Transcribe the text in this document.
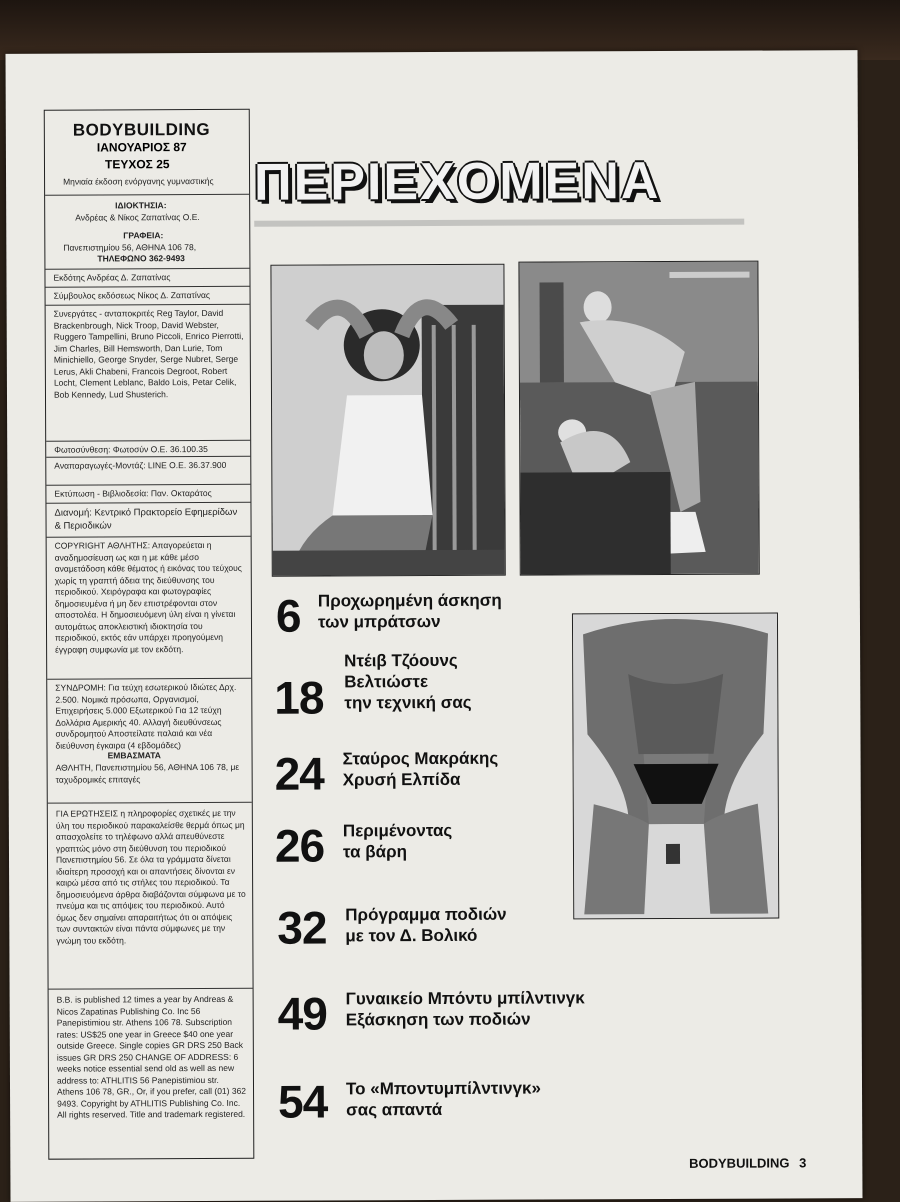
BODYBUILDING
ΙΑΝΟΥΑΡΙΟΣ 87
ΤΕΥΧΟΣ 25
Μηνιαία έκδοση ενόργανης γυμναστικής
ΙΔΙΟΚΤΗΣΙΑ:
Ανδρέας & Νίκος Ζαπατίνας Ο.Ε.
ΓΡΑΦΕΙΑ:
Πανεπιστημίου 56, ΑΘΗΝΑ 106 78,
ΤΗΛΕΦΩΝΟ 362-9493
Εκδότης Ανδρέας Δ. Ζαπατίνας
Σύμβουλος εκδόσεως Νίκος Δ. Ζαπατίνας
Συνεργάτες - ανταποκριτές Reg Taylor, David Brackenbrough, Nick Troop, David Webster, Ruggero Tampellini, Bruno Piccoli, Enrico Pierrotti, Jim Charles, Bill Hemsworth, Dan Lurie, Tom Minichiello, George Snyder, Serge Nubret, Serge Lerus, Akli Chabeni, Francois Degroot, Robert Locht, Clement Leblanc, Baldo Lois, Petar Celik, Bob Kennedy, Lud Shusterich.
Φωτοσύνθεση: Φωτοσύν Ο.Ε. 36.100.35
Αναπαραγωγές-Μοντάζ: LINE Ο.Ε. 36.37.900
Εκτύπωση - Βιβλιοδεσία: Παν. Οκταράτος
Διανομή: Κεντρικό Πρακτορείο Εφημερίδων & Περιοδικών
COPYRIGHT ΑΘΛΗΤΗΣ: Απαγορεύεται η αναδημοσίευση ως και η με κάθε μέσο αναμετάδοση κάθε θέματος ή εικόνας του τεύχους χωρίς τη γραπτή άδεια της διεύθυνσης του περιοδικού. Χειρόγραφα και φωτογραφίες δημοσιευμένα ή μη δεν επιστρέφονται στον αποστολέα. Η δημοσιευόμενη ύλη είναι η γίνεται αυτομάτως αποκλειστική ιδιοκτησία του περιοδικού, εκτός εάν υπάρχει προηγούμενη έγγραφη συμφωνία με τον εκδότη.
ΣΥΝΔΡΟΜΗ: Για τεύχη εσωτερικού Ιδιώτες Δρχ. 2.500. Νομικά πρόσωπα, Οργανισμοί, Επιχειρήσεις 5.000 Εξωτερικού Για 12 τεύχη Δολλάρια Αμερικής 40. Αλλαγή διευθύνσεως συνδρομητού Αποστείλατε παλαιά και νέα διεύθυνση έγκαιρα (4 εβδομάδες)
ΕΜΒΑΣΜΑΤΑ
ΑΘΛΗΤΗ, Πανεπιστημίου 56, ΑΘΗΝΑ 106 78, με ταχυδρομικές επιταγές
ΓΙΑ ΕΡΩΤΗΣΕΙΣ η πληροφορίες σχετικές με την ύλη του περιοδικού παρακαλείσθε θερμά όπως μη απασχολείτε το τηλέφωνο αλλά απευθύνεστε γραπτώς μόνο στη διεύθυνση του περιοδικού Πανεπιστημίου 56. Σε όλα τα γράμματα δίνεται ιδιαίτερη προσοχή και οι απαντήσεις δίνονται εν καιρώ μέσα από τις στήλες του περιοδικού. Τα δημοσιευόμενα άρθρα διαβάζονται σύμφωνα με το πνεύμα και τις απόψεις του περιοδικού. Αυτό όμως δεν σημαίνει απαραιτήτως ότι οι απόψεις των συντακτών είναι πάντα σύμφωνες με την γνώμη του εκδότη.
B.B. is published 12 times a year by Andreas & Nicos Zapatinas Publishing Co. Inc 56 Panepistimiou str. Athens 106 78. Subscription rates: US$25 one year in Greece $40 one year outside Greece. Single copies GR DRS 250 Back issues GR DRS 250 CHANGE OF ADDRESS: 6 weeks notice essential send old as well as new address to: ATHLITIS 56 Panepistimiou str. Athens 106 78, GR., Or, if you prefer, call (01) 362 9493. Copyright by ATHLITIS Publishing Co. Inc. All rights reserved. Title and trademark registered.
ΠΕΡΙΕΧΟΜΕΝΑ
6 Προχωρημένη άσκηση
των μπράτσων
18
Ντέιβ Τζόουνς
Βελτιώστε
την τεχνική σας
24 Σταύρος Μακράκης
Χρυσή Ελπίδα
26 Περιμένοντας
τα βάρη
32 Πρόγραμμα ποδιών
με τον Δ. Βολικό
49 Γυναικείο Μπόντυ μπίλντινγκ
Εξάσκηση των ποδιών
54 Το «Μποντυμπίλντινγκ»
σας απαντά
BODYBUILDING 3
